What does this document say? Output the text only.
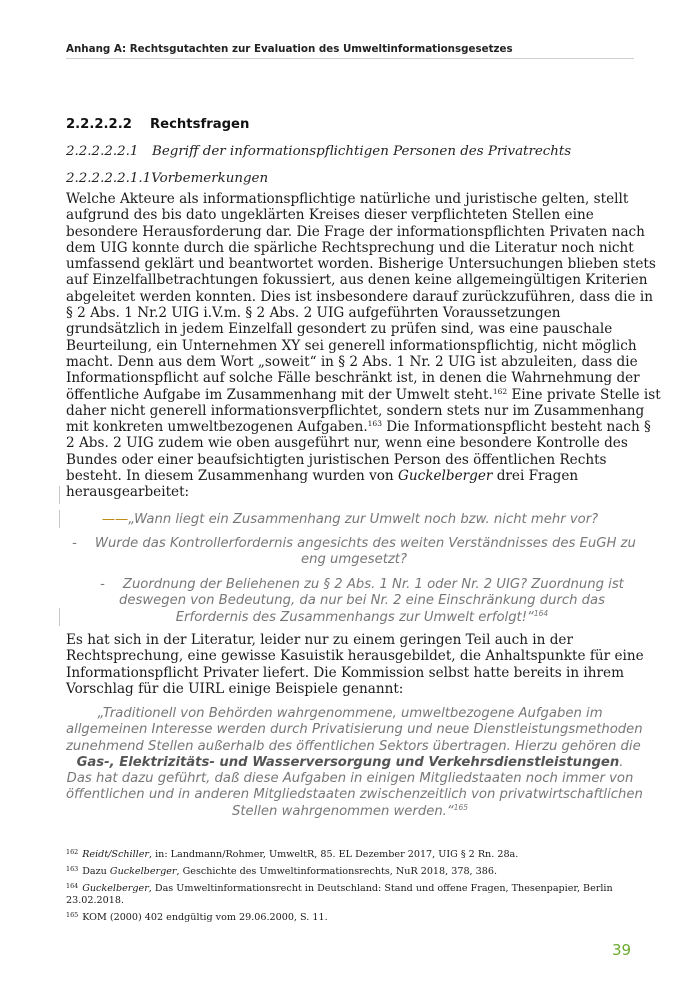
Anhang A: Rechtsgutachten zur Evaluation des Umweltinformationsgesetzes
2.2.2.2.2 Rechtsfragen
2.2.2.2.2.1 Begriff der informationspflichtigen Personen des Privatrechts
2.2.2.2.2.1.1Vorbemerkungen
Welche Akteure als informationspflichtige natürliche und juristische gelten, stellt
aufgrund des bis dato ungeklärten Kreises dieser verpflichteten Stellen eine
besondere Herausforderung dar. Die Frage der informationspflichten Privaten nach
dem UIG konnte durch die spärliche Rechtsprechung und die Literatur noch nicht
umfassend geklärt und beantwortet worden. Bisherige Untersuchungen blieben stets
auf Einzelfallbetrachtungen fokussiert, aus denen keine allgemeingültigen Kriterien
abgeleitet werden konnten. Dies ist insbesondere darauf zurückzuführen, dass die in
§ 2 Abs. 1 Nr.2 UIG i.V.m. § 2 Abs. 2 UIG aufgeführten Voraussetzungen
grundsätzlich in jedem Einzelfall gesondert zu prüfen sind, was eine pauschale
Beurteilung, ein Unternehmen XY sei generell informationspflichtig, nicht möglich
macht. Denn aus dem Wort „soweit“ in § 2 Abs. 1 Nr. 2 UIG ist abzuleiten, dass die
Informationspflicht auf solche Fälle beschränkt ist, in denen die Wahrnehmung der
öffentliche Aufgabe im Zusammenhang mit der Umwelt steht.$^{162}$ Eine private Stelle ist
daher nicht generell informationsverpflichtet, sondern stets nur im Zusammenhang
mit konkreten umweltbezogenen Aufgaben.$^{163}$ Die Informationspflicht besteht nach §
2 Abs. 2 UIG zudem wie oben ausgeführt nur, wenn eine besondere Kontrolle des
Bundes oder einer beaufsichtigten juristischen Person des öffentlichen Rechts
besteht. In diesem Zusammenhang wurden von Guckelberger drei Fragen
herausgearbeitet:
——„Wann liegt ein Zusammenhang zur Umwelt noch bzw. nicht mehr vor?
- Wurde das Kontrollerfordernis angesichts des weiten Verständnisses des EuGH zu
eng umgesetzt?
- Zuordnung der Beliehenen zu § 2 Abs. 1 Nr. 1 oder Nr. 2 UIG? Zuordnung ist
deswegen von Bedeutung, da nur bei Nr. 2 eine Einschränkung durch das
Erfordernis des Zusammenhangs zur Umwelt erfolgt!“$^{164}$
Es hat sich in der Literatur, leider nur zu einem geringen Teil auch in der
Rechtsprechung, eine gewisse Kasuistik herausgebildet, die Anhaltspunkte für eine
Informationspflicht Privater liefert. Die Kommission selbst hatte bereits in ihrem
Vorschlag für die UIRL einige Beispiele genannt:
„Traditionell von Behörden wahrgenommene, umweltbezogene Aufgaben im
allgemeinen Interesse werden durch Privatisierung und neue Dienstleistungsmethoden
zunehmend Stellen außerhalb des öffentlichen Sektors übertragen. Hierzu gehören die
Gas-, Elektrizitäts- und Wasserversorgung und Verkehrsdienstleistungen.
Das hat dazu geführt, daß diese Aufgaben in einigen Mitgliedstaaten noch immer von
öffentlichen und in anderen Mitgliedstaaten zwischenzeitlich von privatwirtschaftlichen
Stellen wahrgenommen werden.“$^{165}$
$^{162}$ Reidt/Schiller, in: Landmann/Rohmer, UmweltR, 85. EL Dezember 2017, UIG § 2 Rn. 28a.
$^{163}$ Dazu Guckelberger, Geschichte des Umweltinformationsrechts, NuR 2018, 378, 386.
$^{164}$ Guckelberger, Das Umweltinformationsrecht in Deutschland: Stand und offene Fragen, Thesenpapier, Berlin
23.02.2018.
$^{165}$ KOM (2000) 402 endgültig vom 29.06.2000, S. 11.
39
